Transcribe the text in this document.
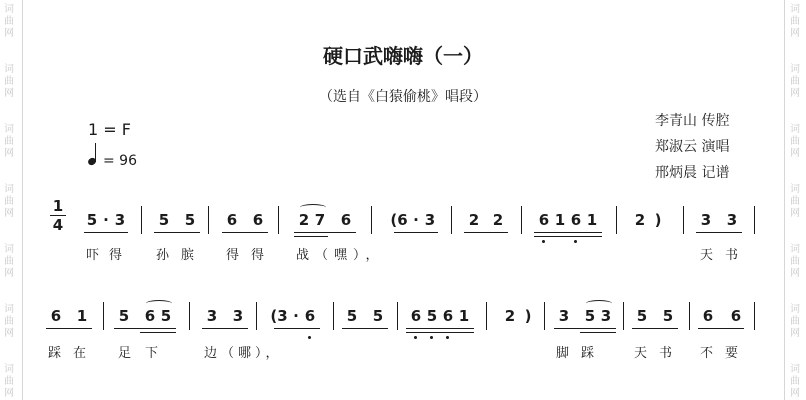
词
曲
网
词
曲
网
词
曲
网
词
曲
网
词
曲
网
词
曲
网
词
曲
网
词
曲
网
词
曲
网
词
曲
网
词
曲
网
词
曲
网
词
曲
网
词
曲
网
硬口武嗨嗨（一）
（选自《白猿偷桃》唱段）
李青山 传腔
郑淑云 演唱
邢炳晨 记谱
1 = F
= 96
1
4	5 · 3 5 5 6 6 2 7 6	(6 · 3 2 2 6 1 6 1	2 )	3 3
吓得 孙膑 得得 战（嘿），	天书
6 1 5 6 5 3 3 (3 · 6 5 5 6 5 6 1 2 )	3 5 3 5 5 6 6
踩在 足下 边（哪），	脚踩 天书 不要
